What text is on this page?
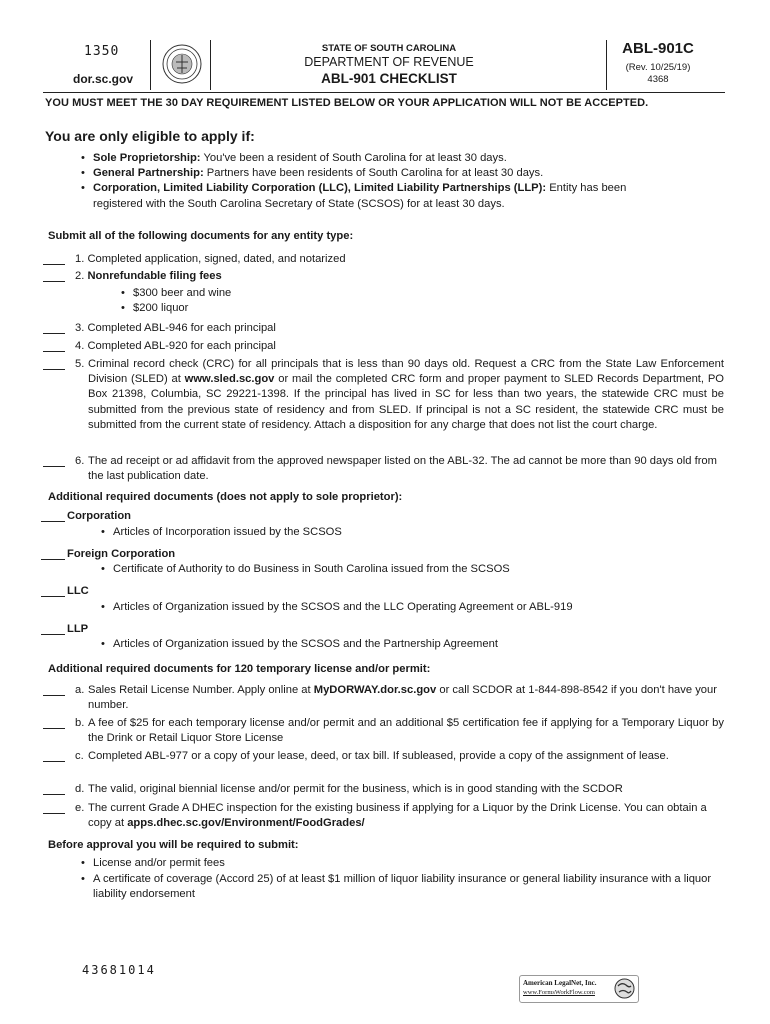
1350
dor.sc.gov
STATE OF SOUTH CAROLINA
DEPARTMENT OF REVENUE
ABL-901 CHECKLIST
ABL-901C
(Rev. 10/25/19)
4368
YOU MUST MEET THE 30 DAY REQUIREMENT LISTED BELOW OR YOUR APPLICATION WILL NOT BE ACCEPTED.
You are only eligible to apply if:
• Sole Proprietorship: You've been a resident of South Carolina for at least 30 days.
• General Partnership: Partners have been residents of South Carolina for at least 30 days.
• Corporation, Limited Liability Corporation (LLC), Limited Liability Partnerships (LLP): Entity has been
registered with the South Carolina Secretary of State (SCSOS) for at least 30 days.
Submit all of the following documents for any entity type:
1. Completed application, signed, dated, and notarized
2. Nonrefundable filing fees
• $300 beer and wine
• $200 liquor
3. Completed ABL-946 for each principal
4. Completed ABL-920 for each principal
5. Criminal record check (CRC) for all principals that is less than 90 days old. Request a CRC from the State Law Enforcement Division (SLED) at www.sled.sc.gov or mail the completed CRC form and proper payment to SLED Records Department, PO Box 21398, Columbia, SC 29221-1398. If the principal has lived in SC for less than two years, the statewide CRC must be submitted from the previous state of residency and from SLED. If principal is not a SC resident, the statewide CRC must be submitted from the current state of residency. Attach a disposition for any charge that does not list the court charge.
6. The ad receipt or ad affidavit from the approved newspaper listed on the ABL-32. The ad cannot be more than 90 days old from the last publication date.
Additional required documents (does not apply to sole proprietor):
Corporation
• Articles of Incorporation issued by the SCSOS
Foreign Corporation
• Certificate of Authority to do Business in South Carolina issued from the SCSOS
LLC
• Articles of Organization issued by the SCSOS and the LLC Operating Agreement or ABL-919
LLP
• Articles of Organization issued by the SCSOS and the Partnership Agreement
Additional required documents for 120 temporary license and/or permit:
a. Sales Retail License Number. Apply online at MyDORWAY.dor.sc.gov or call SCDOR at 1-844-898-8542 if you don't have your number.
b. A fee of $25 for each temporary license and/or permit and an additional $5 certification fee if applying for a Temporary Liquor by the Drink or Retail Liquor Store License
c. Completed ABL-977 or a copy of your lease, deed, or tax bill. If subleased, provide a copy of the assignment of lease.
d. The valid, original biennial license and/or permit for the business, which is in good standing with the SCDOR
e. The current Grade A DHEC inspection for the existing business if applying for a Liquor by the Drink License. You can obtain a copy at apps.dhec.sc.gov/Environment/FoodGrades/
Before approval you will be required to submit:
• License and/or permit fees
• A certificate of coverage (Accord 25) of at least $1 million of liquor liability insurance or general liability insurance with a liquor liability endorsement
43681014
American LegalNet, Inc.
www.FormsWorkFlow.com
